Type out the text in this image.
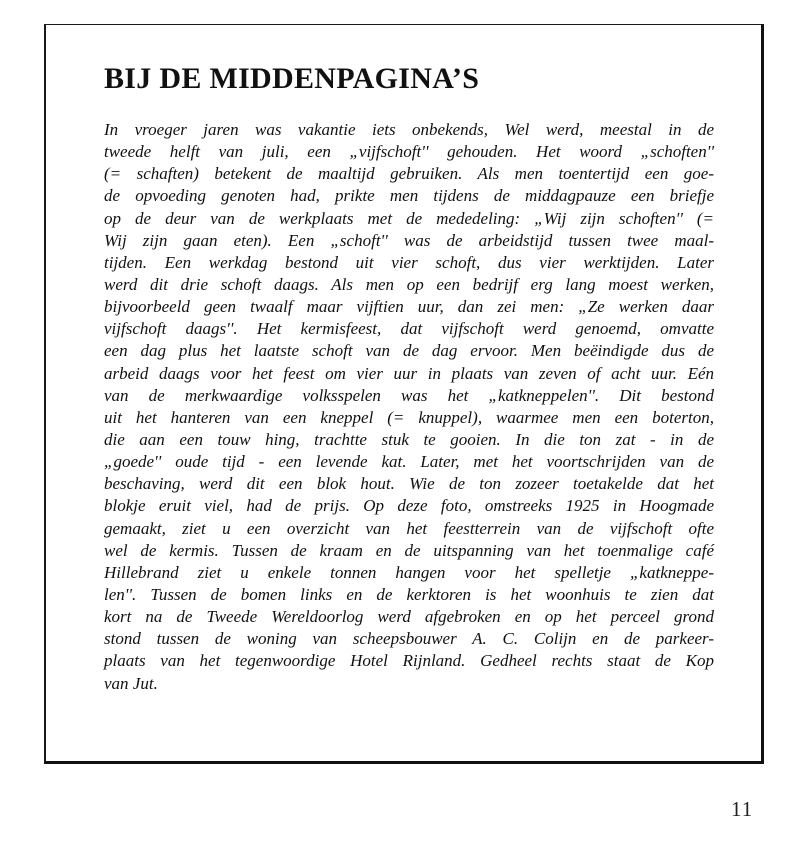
BIJ DE MIDDENPAGINA’S
In vroeger jaren was vakantie iets onbekends, Wel werd, meestal in de
tweede helft van juli, een „vijfschoft'' gehouden. Het woord „schoften''
(= schaften) betekent de maaltijd gebruiken. Als men toentertijd een goe-
de opvoeding genoten had, prikte men tijdens de middagpauze een briefje
op de deur van de werkplaats met de mededeling: „Wij zijn schoften'' (=
Wij zijn gaan eten). Een „schoft'' was de arbeidstijd tussen twee maal-
tijden. Een werkdag bestond uit vier schoft, dus vier werktijden. Later
werd dit drie schoft daags. Als men op een bedrijf erg lang moest werken,
bijvoorbeeld geen twaalf maar vijftien uur, dan zei men: „Ze werken daar
vijfschoft daags''. Het kermisfeest, dat vijfschoft werd genoemd, omvatte
een dag plus het laatste schoft van de dag ervoor. Men beëindigde dus de
arbeid daags voor het feest om vier uur in plaats van zeven of acht uur. Eén
van de merkwaardige volksspelen was het „katkneppelen''. Dit bestond
uit het hanteren van een kneppel (= knuppel), waarmee men een boterton,
die aan een touw hing, trachtte stuk te gooien. In die ton zat - in de
„goede'' oude tijd - een levende kat. Later, met het voortschrijden van de
beschaving, werd dit een blok hout. Wie de ton zozeer toetakelde dat het
blokje eruit viel, had de prijs. Op deze foto, omstreeks 1925 in Hoogmade
gemaakt, ziet u een overzicht van het feestterrein van de vijfschoft ofte
wel de kermis. Tussen de kraam en de uitspanning van het toenmalige café
Hillebrand ziet u enkele tonnen hangen voor het spelletje „katkneppe-
len''. Tussen de bomen links en de kerktoren is het woonhuis te zien dat
kort na de Tweede Wereldoorlog werd afgebroken en op het perceel grond
stond tussen de woning van scheepsbouwer A. C. Colijn en de parkeer-
plaats van het tegenwoordige Hotel Rijnland. Gedheel rechts staat de Kop
van Jut.
11
